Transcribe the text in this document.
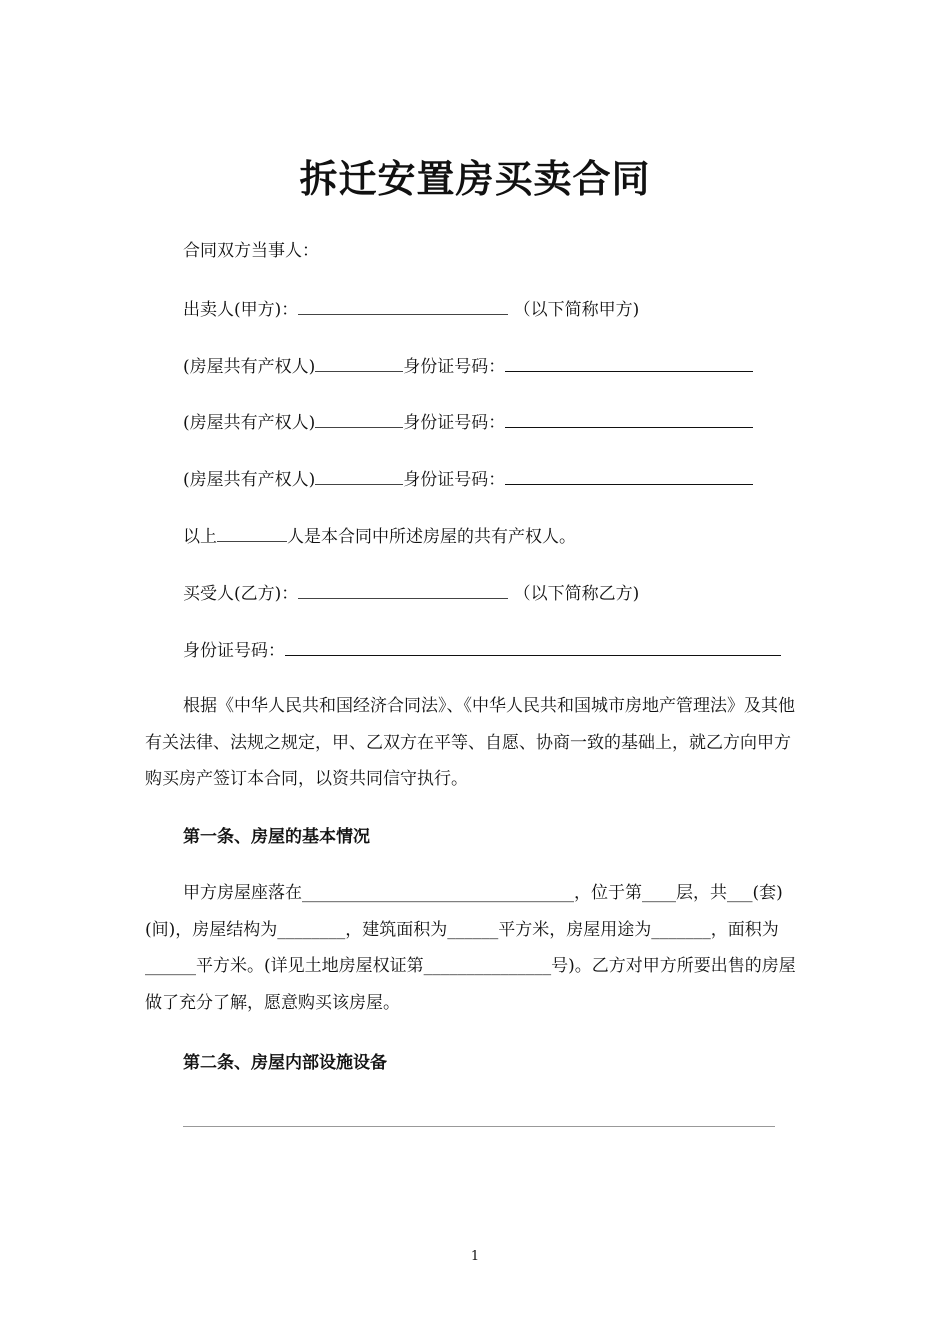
拆迁安置房买卖合同

合同双方当事人：

出卖人(甲方)：	（以下简称甲方)

(房屋共有产权人)	身份证号码：

(房屋共有产权人)	身份证号码：

(房屋共有产权人)	身份证号码：

以上	人是本合同中所述房屋的共有产权人。

买受人(乙方)：	（以下简称乙方)

身份证号码：

根据《中华人民共和国经济合同法》、《中华人民共和国城市房地产管理法》及其他有关法律、法规之规定，甲、乙双方在平等、自愿、协商一致的基础上，就乙方向甲方购买房产签订本合同，以资共同信守执行。

第一条、房屋的基本情况

甲方房屋座落在________________________________，位于第____层，共___(套)(间)，房屋结构为________，建筑面积为______平方米，房屋用途为_______，面积为______平方米。(详见土地房屋权证第_______________号)。乙方对甲方所要出售的房屋做了充分了解，愿意购买该房屋。

第二条、房屋内部设施设备

1
